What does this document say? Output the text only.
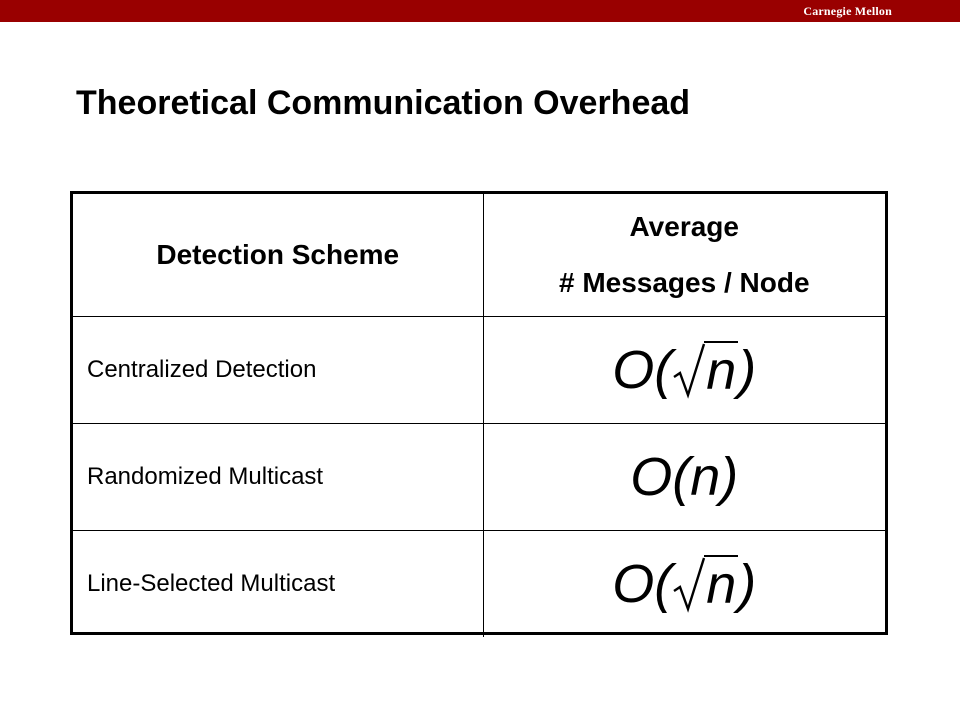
Carnegie Mellon
Theoretical Communication Overhead
Detection Scheme	Average
# Messages / Node

Centralized Detection	O( n )

Randomized Multicast	O(n)
Line-Selected Multicast	O( n )
